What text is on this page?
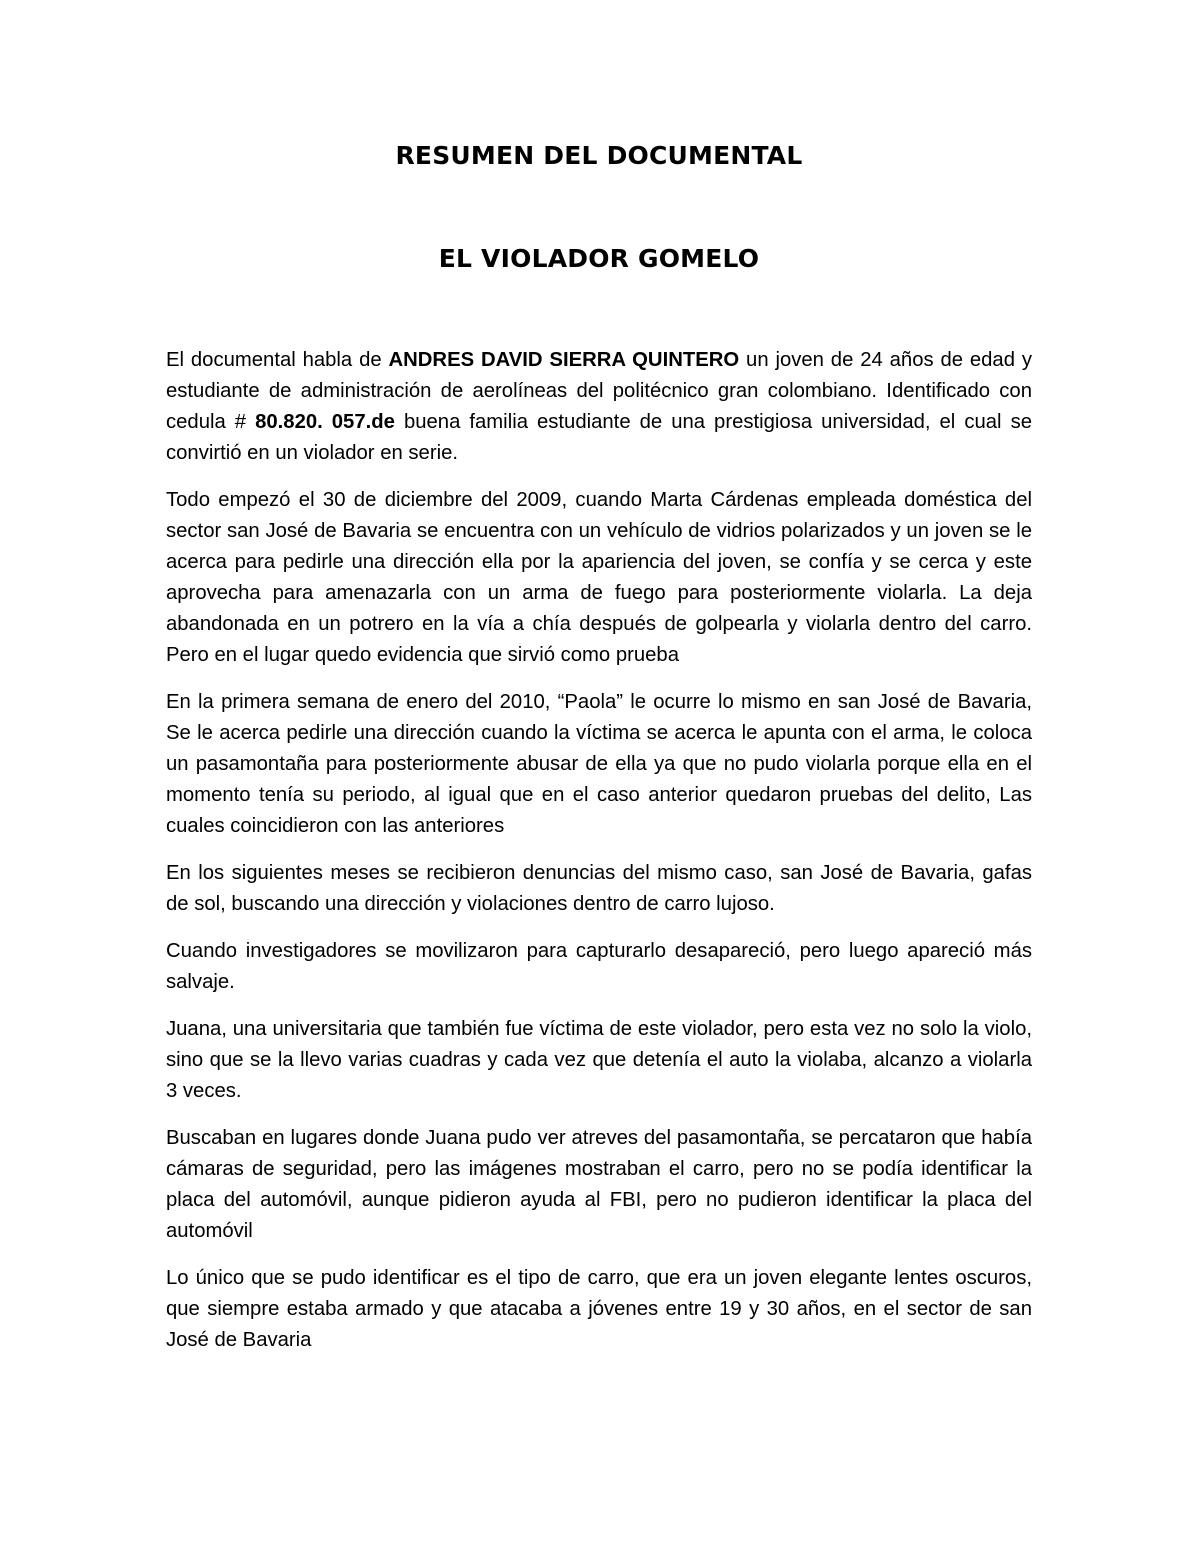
RESUMEN DEL DOCUMENTAL
EL VIOLADOR GOMELO

El documental habla de ANDRES DAVID SIERRA QUINTERO un joven de 24 años de edad y estudiante de administración de aerolíneas del politécnico gran colombiano. Identificado con cedula # 80.820. 057.de buena familia estudiante de una prestigiosa universidad, el cual se convirtió en un violador en serie.

Todo empezó el 30 de diciembre del 2009, cuando Marta Cárdenas empleada doméstica del sector san José de Bavaria se encuentra con un vehículo de vidrios polarizados y un joven se le acerca para pedirle una dirección ella por la apariencia del joven, se confía y se cerca y este aprovecha para amenazarla con un arma de fuego para posteriormente violarla. La deja abandonada en un potrero en la vía a chía después de golpearla y violarla dentro del carro. Pero en el lugar quedo evidencia que sirvió como prueba

En la primera semana de enero del 2010, “Paola” le ocurre lo mismo en san José de Bavaria, Se le acerca pedirle una dirección cuando la víctima se acerca le apunta con el arma, le coloca un pasamontaña para posteriormente abusar de ella ya que no pudo violarla porque ella en el momento tenía su periodo, al igual que en el caso anterior quedaron pruebas del delito, Las cuales coincidieron con las anteriores

En los siguientes meses se recibieron denuncias del mismo caso, san José de Bavaria, gafas de sol, buscando una dirección y violaciones dentro de carro lujoso.

Cuando investigadores se movilizaron para capturarlo desapareció, pero luego apareció más salvaje.

Juana, una universitaria que también fue víctima de este violador, pero esta vez no solo la violo, sino que se la llevo varias cuadras y cada vez que detenía el auto la violaba, alcanzo a violarla 3 veces.

Buscaban en lugares donde Juana pudo ver atreves del pasamontaña, se percataron que había cámaras de seguridad, pero las imágenes mostraban el carro, pero no se podía identificar la placa del automóvil, aunque pidieron ayuda al FBI, pero no pudieron identificar la placa del automóvil

Lo único que se pudo identificar es el tipo de carro, que era un joven elegante lentes oscuros, que siempre estaba armado y que atacaba a jóvenes entre 19 y 30 años, en el sector de san José de Bavaria
